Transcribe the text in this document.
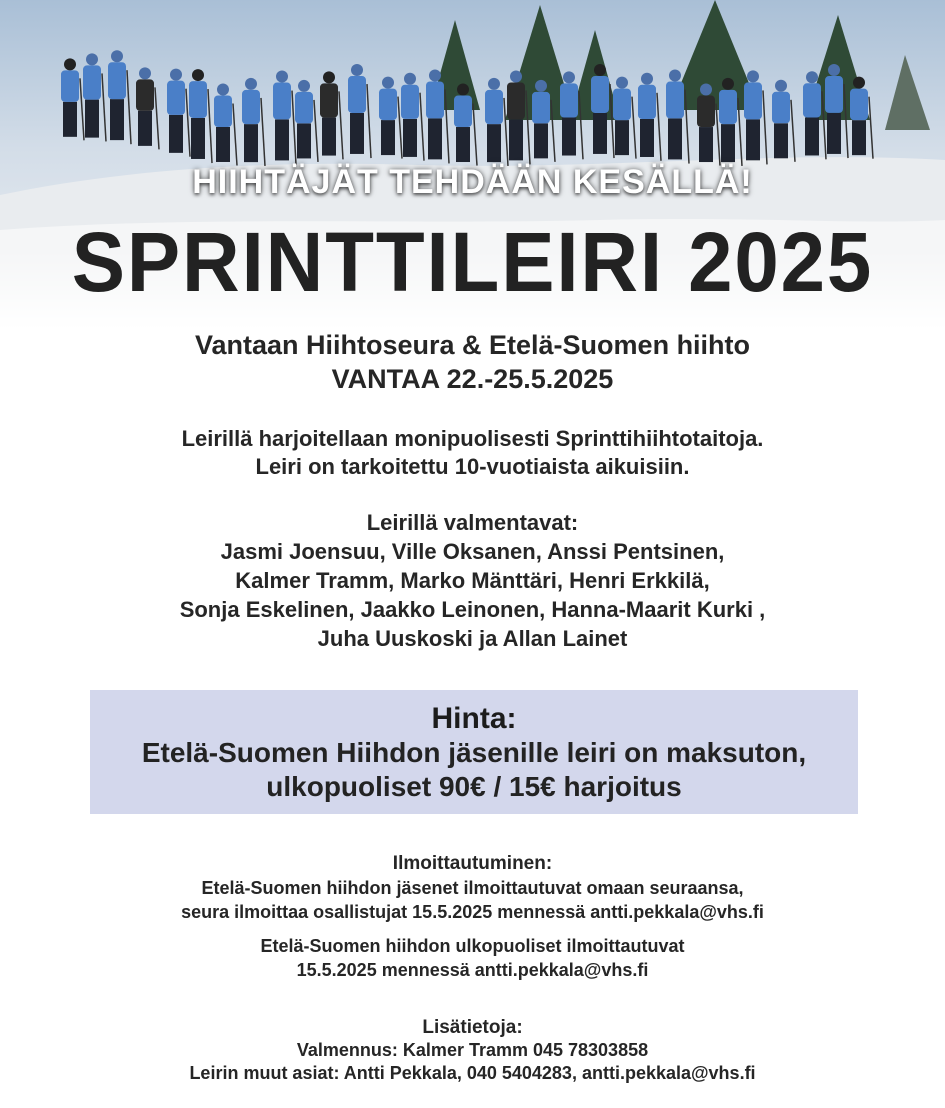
HIIHTÄJÄT TEHDÄÄN KESÄLLÄ!
SPRINTTILEIRI 2025
Vantaan Hiihtoseura & Etelä-Suomen hiihto
VANTAA 22.-25.5.2025
Leirillä harjoitellaan monipuolisesti Sprinttihiihtotaitoja.
Leiri on tarkoitettu 10-vuotiaista aikuisiin.
Leirillä valmentavat:
Jasmi Joensuu, Ville Oksanen, Anssi Pentsinen,
Kalmer Tramm, Marko Mänttäri, Henri Erkkilä,
Sonja Eskelinen, Jaakko Leinonen, Hanna-Maarit Kurki ,
Juha Uuskoski ja Allan Lainet
Hinta:
Etelä-Suomen Hiihdon jäsenille leiri on maksuton,
ulkopuoliset 90€ / 15€ harjoitus
Ilmoittautuminen:
Etelä-Suomen hiihdon jäsenet ilmoittautuvat omaan seuraansa,
seura ilmoittaa osallistujat 15.5.2025 mennessä antti.pekkala@vhs.fi
Etelä-Suomen hiihdon ulkopuoliset ilmoittautuvat
15.5.2025 mennessä antti.pekkala@vhs.fi
Lisätietoja:
Valmennus: Kalmer Tramm 045 78303858
Leirin muut asiat: Antti Pekkala, 040 5404283, antti.pekkala@vhs.fi
